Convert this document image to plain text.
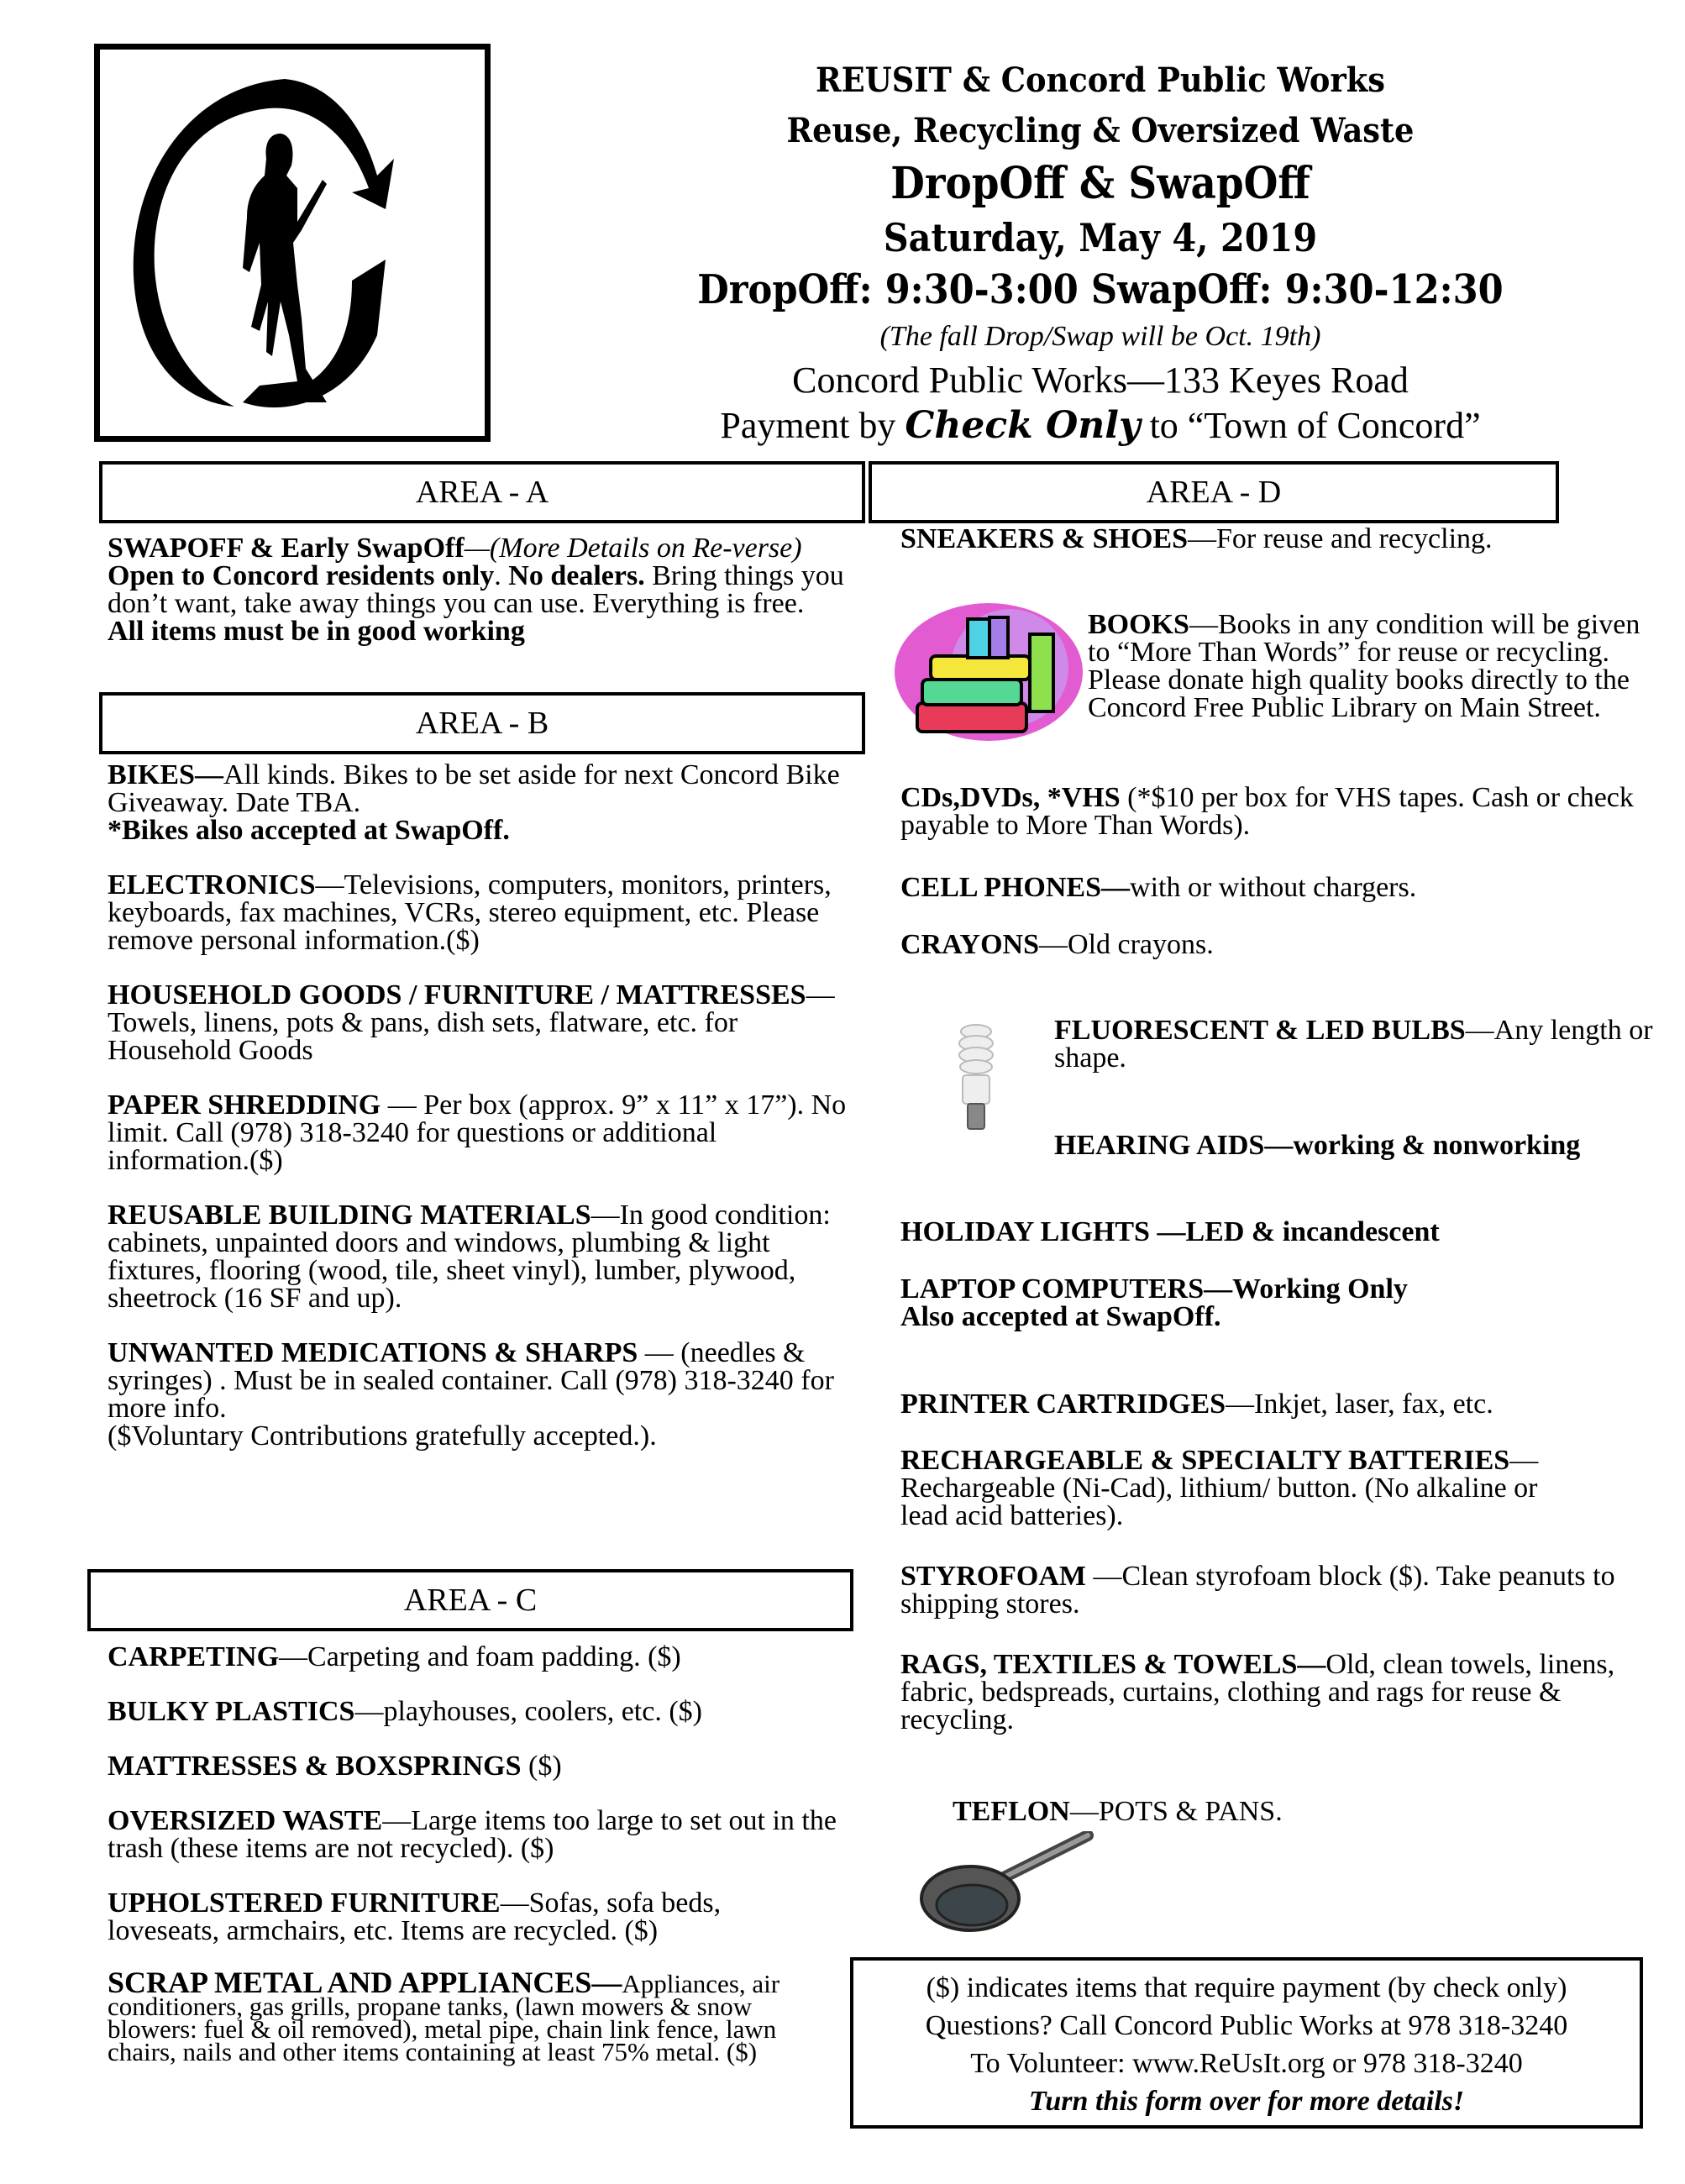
REUSIT & Concord Public Works
Reuse, Recycling & Oversized Waste
DropOff & SwapOff
Saturday, May 4, 2019
DropOff: 9:30-3:00 SwapOff: 9:30-12:30
(The fall Drop/Swap will be Oct. 19th)
Concord Public Works—133 Keyes Road
Payment by Check Only to “Town of Concord”
AREA - A
SWAPOFF & Early SwapOff—(More Details on Re-verse)
Open to Concord residents only. No dealers. Bring things you don’t want, take away things you can use. Everything is free. All items must be in good working
AREA - B
BIKES—All kinds. Bikes to be set aside for next Concord Bike Giveaway. Date TBA.
*Bikes also accepted at SwapOff.
ELECTRONICS—Televisions, computers, monitors, printers, keyboards, fax machines, VCRs, stereo equipment, etc. Please remove personal information.($)
HOUSEHOLD GOODS / FURNITURE / MATTRESSES—Towels, linens, pots & pans, dish sets, flatware, etc. for Household Goods
PAPER SHREDDING — Per box (approx. 9” x 11” x 17”). No limit. Call (978) 318-3240 for questions or additional information.($)
REUSABLE BUILDING MATERIALS—In good condition: cabinets, unpainted doors and windows, plumbing & light fixtures, flooring (wood, tile, sheet vinyl), lumber, plywood, sheetrock (16 SF and up).
UNWANTED MEDICATIONS & SHARPS — (needles & syringes) . Must be in sealed container. Call (978) 318-3240 for more info.
($Voluntary Contributions gratefully accepted.).
AREA - C
CARPETING—Carpeting and foam padding. ($)
BULKY PLASTICS—playhouses, coolers, etc. ($)
MATTRESSES & BOXSPRINGS ($)
OVERSIZED WASTE—Large items too large to set out in the trash (these items are not recycled). ($)
UPHOLSTERED FURNITURE—Sofas, sofa beds, loveseats, armchairs, etc. Items are recycled. ($)
SCRAP METAL AND APPLIANCES—Appliances, air conditioners, gas grills, propane tanks, (lawn mowers & snow blowers: fuel & oil removed), metal pipe, chain link fence, lawn chairs, nails and other items containing at least 75% metal. ($)
AREA - D
SNEAKERS & SHOES—For reuse and recycling.
BOOKS—Books in any condition will be given to “More Than Words” for reuse or recycling. Please donate high quality books directly to the Concord Free Public Library on Main Street.
CDs,DVDs, *VHS (*$10 per box for VHS tapes. Cash or check payable to More Than Words).
CELL PHONES—with or without chargers.
CRAYONS—Old crayons.
FLUORESCENT & LED BULBS—Any length or shape.
HEARING AIDS—working & nonworking
HOLIDAY LIGHTS —LED & incandescent
LAPTOP COMPUTERS—Working Only
Also accepted at SwapOff.
PRINTER CARTRIDGES—Inkjet, laser, fax, etc.
RECHARGEABLE & SPECIALTY BATTERIES—Rechargeable (Ni-Cad), lithium/ button. (No alkaline or lead acid batteries).
STYROFOAM —Clean styrofoam block ($). Take peanuts to shipping stores.
RAGS, TEXTILES & TOWELS—Old, clean towels, linens, fabric, bedspreads, curtains, clothing and rags for reuse & recycling.
TEFLON—POTS & PANS.
($) indicates items that require payment (by check only)
Questions? Call Concord Public Works at 978 318-3240
To Volunteer: www.ReUsIt.org or 978 318-3240
Turn this form over for more details!
